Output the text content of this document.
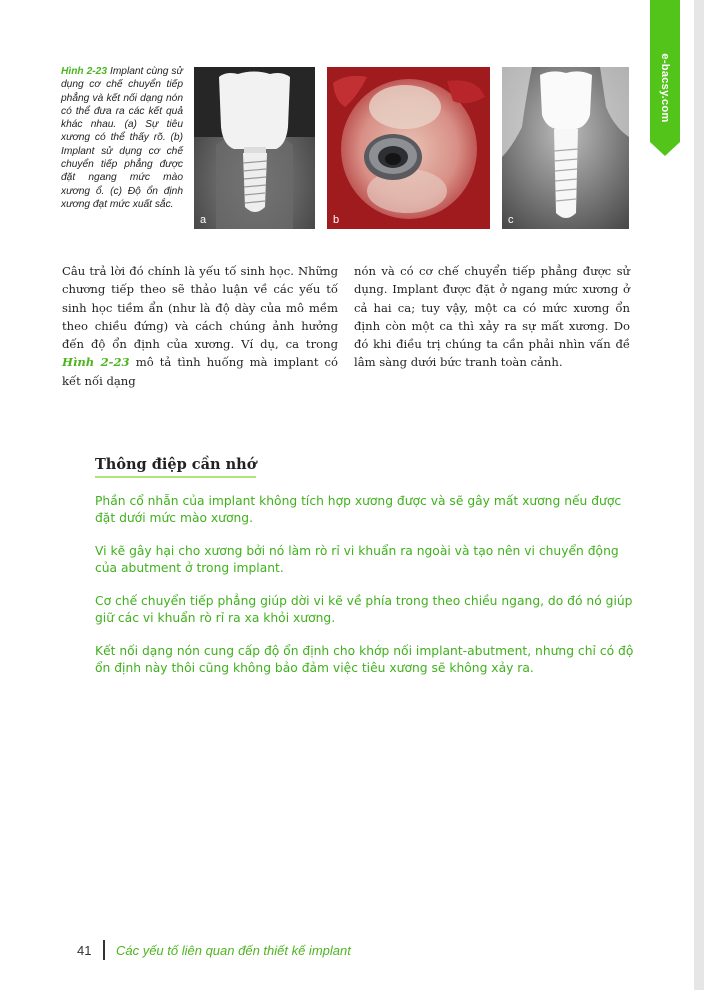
e-bacsy.com
Hình 2-23 Implant cùng sử dụng cơ chế chuyển tiếp phẳng và kết nối dạng nón có thể đưa ra các kết quả khác nhau. (a) Sự tiêu xương có thể thấy rõ. (b) Implant sử dụng cơ chế chuyển tiếp phẳng được đặt ngang mức mào xương ổ. (c) Độ ổn định xương đạt mức xuất sắc.
a	b	c
Câu trả lời đó chính là yếu tố sinh học. Những chương tiếp theo sẽ thảo luận về các yếu tố sinh học tiềm ẩn (như là độ dày của mô mềm theo chiều đứng) và cách chúng ảnh hưởng đến độ ổn định của xương. Ví dụ, ca trong Hình 2-23 mô tả tình huống mà implant có kết nối dạng
nón và có cơ chế chuyển tiếp phẳng được sử dụng. Implant được đặt ở ngang mức xương ở cả hai ca; tuy vậy, một ca có mức xương ổn định còn một ca thì xảy ra sự mất xương. Do đó khi điều trị chúng ta cần phải nhìn vấn đề lâm sàng dưới bức tranh toàn cảnh.
Thông điệp cần nhớ

Phần cổ nhẵn của implant không tích hợp xương được và sẽ gây mất xương nếu được đặt dưới mức mào xương.

Vi kẽ gây hại cho xương bởi nó làm rò rỉ vi khuẩn ra ngoài và tạo nên vi chuyển động của abutment ở trong implant.

Cơ chế chuyển tiếp phẳng giúp dời vi kẽ về phía trong theo chiều ngang, do đó nó giúp giữ các vi khuẩn rò rỉ ra xa khỏi xương.

Kết nối dạng nón cung cấp độ ổn định cho khớp nối implant-abutment, nhưng chỉ có độ ổn định này thôi cũng không bảo đảm việc tiêu xương sẽ không xảy ra.

41 Các yếu tố liên quan đến thiết kế implant
